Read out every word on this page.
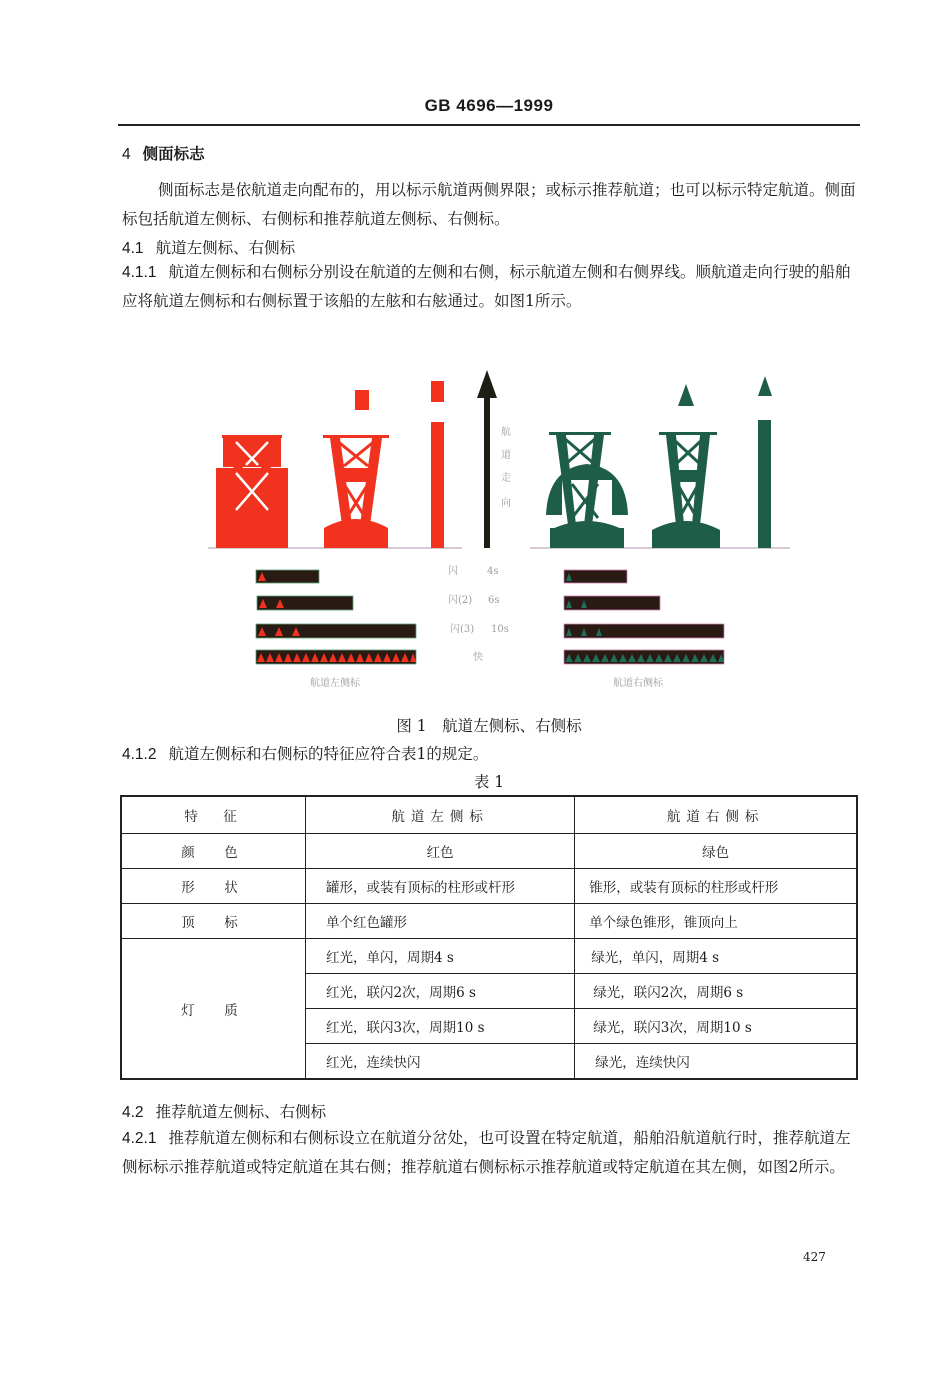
GB 4696—1999
4 侧面标志
侧面标志是依航道走向配布的，用以标示航道两侧界限；或标示推荐航道；也可以标示特定航道。侧面标包括航道左侧标、右侧标和推荐航道左侧标、右侧标。
4.1 航道左侧标、右侧标
4.1.1 航道左侧标和右侧标分别设在航道的左侧和右侧，标示航道左侧和右侧界线。顺航道走向行驶的船舶应将航道左侧标和右侧标置于该船的左舷和右舷通过。如图1所示。
航
道
走
向
闪	4s
闪(2) 6s
闪(3) 10s
快
航道左侧标	航道右侧标
图 1　航道左侧标、右侧标
4.1.2 航道左侧标和右侧标的特征应符合表1的规定。
表 1
特　征	航道左侧标	航道右侧标
颜　色	红色	绿色
形　状	罐形，或装有顶标的柱形或杆形	锥形，或装有顶标的柱形或杆形
顶　标	单个红色罐形	单个绿色锥形，锥顶向上
灯　质	红光，单闪，周期4 s	绿光，单闪，周期4 s
	红光，联闪2次，周期6 s	绿光，联闪2次，周期6 s
	红光，联闪3次，周期10 s	绿光，联闪3次，周期10 s
	红光，连续快闪	绿光，连续快闪
4.2 推荐航道左侧标、右侧标
4.2.1 推荐航道左侧标和右侧标设立在航道分岔处，也可设置在特定航道，船舶沿航道航行时，推荐航道左侧标标示推荐航道或特定航道在其右侧；推荐航道右侧标标示推荐航道或特定航道在其左侧，如图2所示。
427
